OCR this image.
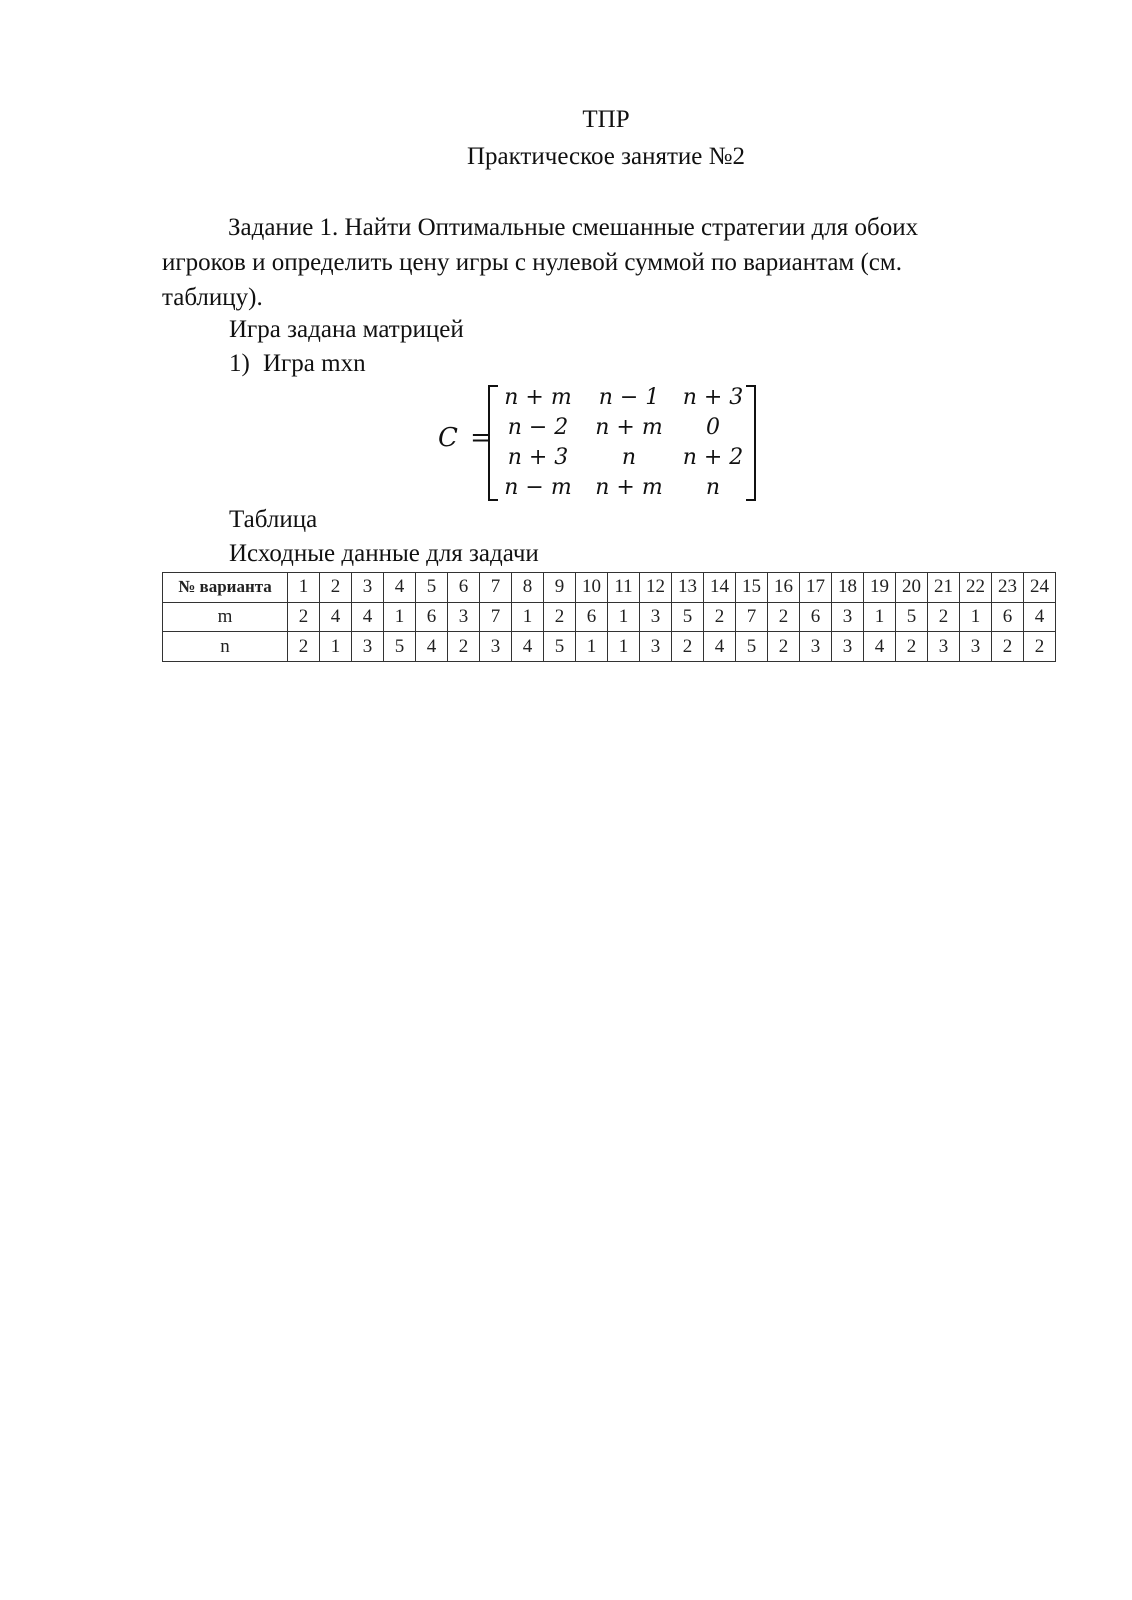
ТПР
Практическое занятие №2
Задание 1. Найти Оптимальные смешанные стратегии для обоих игроков и определить цену игры с нулевой суммой по вариантам (см. таблицу).
Игра задана матрицей
1) Игра mxn
C =
n + m	n − 1	n + 3
n − 2	n + m	0
n + 3	n	n + 2
n − m	n + m	n
Таблица
Исходные данные для задачи
№ варианта	1	2	3	4	5	6	7	8	9	10	11	12	13	14	15	16	17	18	19	20	21	22	23	24
m	2	4	4	1	6	3	7	1	2	6	1	3	5	2	7	2	6	3	1	5	2	1	6	4
n	2	1	3	5	4	2	3	4	5	1	1	3	2	4	5	2	3	3	4	2	3	3	2	2
